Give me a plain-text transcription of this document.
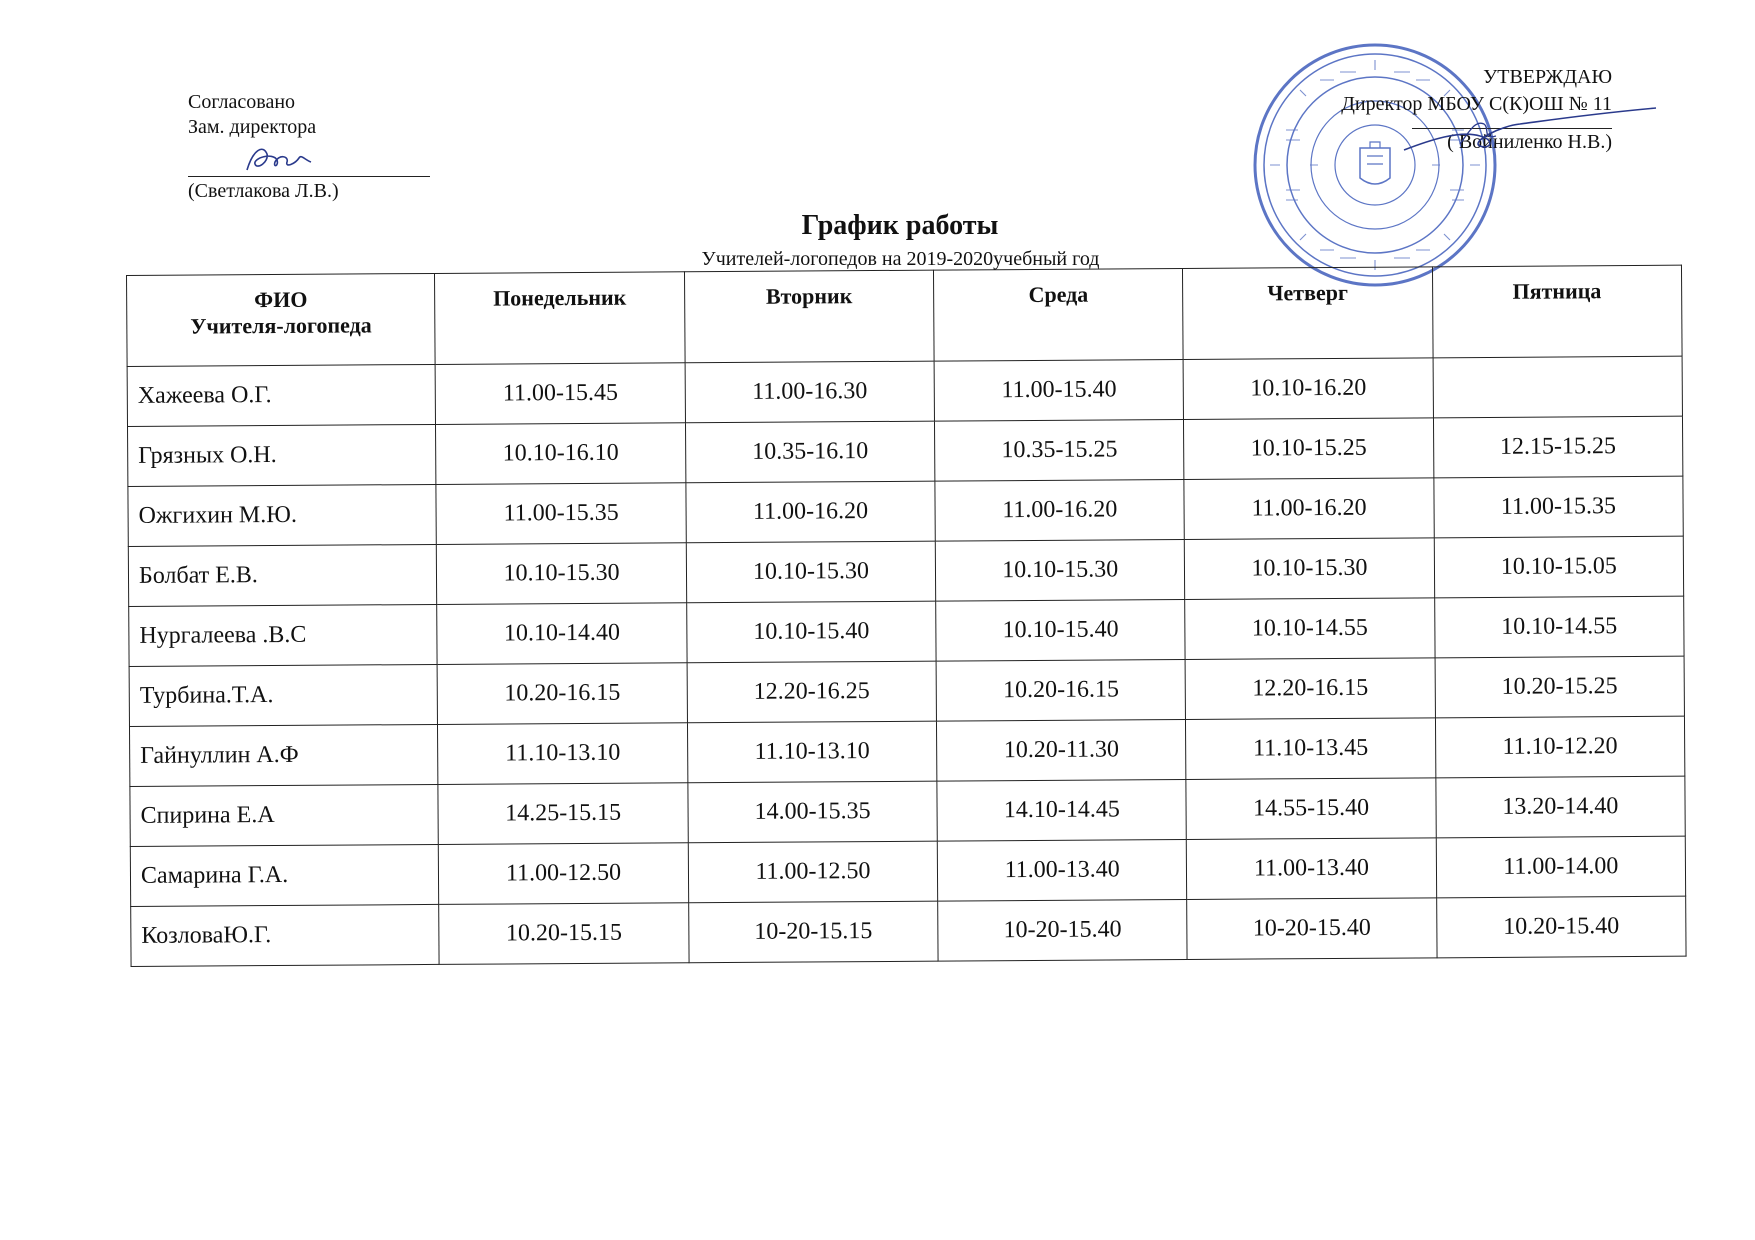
Согласовано
Зам. директора
(Светлакова Л.В.)
УТВЕРЖДАЮ
Директор МБОУ С(К)ОШ № 11
( Войниленко Н.В.)
График работы
Учителей-логопедов на 2019-2020учебный год
ФИО
Учителя-логопеда	Понедельник	Вторник	Среда	Четверг	Пятница
Хажеева О.Г.	11.00-15.45	11.00-16.30	11.00-15.40	10.10-16.20	
Грязных О.Н.	10.10-16.10	10.35-16.10	10.35-15.25	10.10-15.25	12.15-15.25
Ожгихин М.Ю.	11.00-15.35	11.00-16.20	11.00-16.20	11.00-16.20	11.00-15.35
Болбат Е.В.	10.10-15.30	10.10-15.30	10.10-15.30	10.10-15.30	10.10-15.05
Нургалеева .В.С	10.10-14.40	10.10-15.40	10.10-15.40	10.10-14.55	10.10-14.55
Турбина.Т.А.	10.20-16.15	12.20-16.25	10.20-16.15	12.20-16.15	10.20-15.25
Гайнуллин А.Ф	11.10-13.10	11.10-13.10	10.20-11.30	11.10-13.45	11.10-12.20
Спирина Е.А	14.25-15.15	14.00-15.35	14.10-14.45	14.55-15.40	13.20-14.40
Самарина Г.А.	11.00-12.50	11.00-12.50	11.00-13.40	11.00-13.40	11.00-14.00
КозловаЮ.Г.	10.20-15.15	10-20-15.15	10-20-15.40	10-20-15.40	10.20-15.40
